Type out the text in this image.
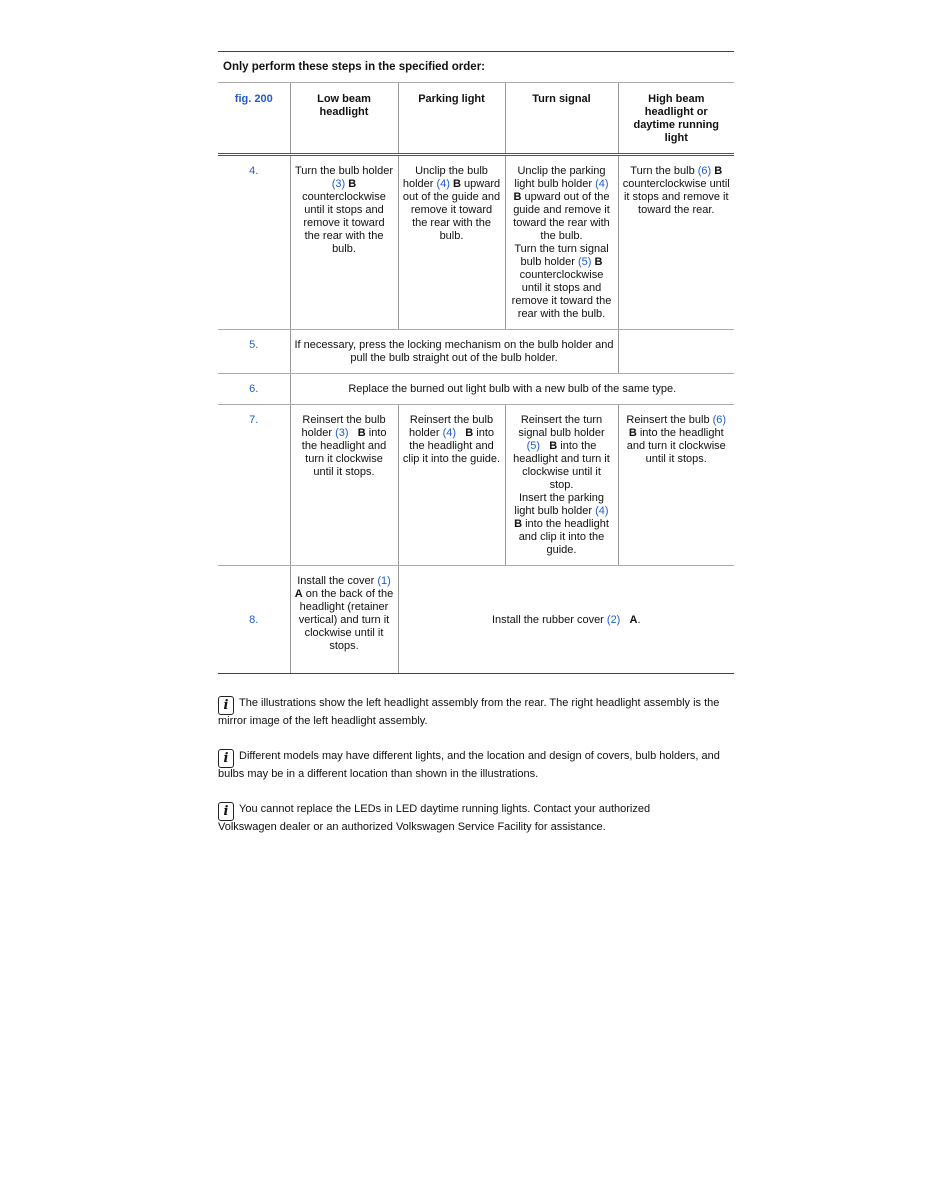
Only perform these steps in the specified order:
fig. 200	Low beam headlight	Parking light	Turn signal	High beam headlight or daytime running light
4.	Turn the bulb holder (3) B counterclockwise until it stops and remove it toward the rear with the bulb.	Unclip the bulb holder (4) B upward out of the guide and remove it toward the rear with the bulb.	Unclip the parking light bulb holder (4)
B upward out of the guide and remove it toward the rear with the bulb.
Turn the turn signal bulb holder (5) B counterclockwise until it stops and remove it toward the rear with the bulb.	Turn the bulb (6) B counterclockwise until it stops and remove it toward the rear.
5.	If necessary, press the locking mechanism on the bulb holder and pull the bulb straight out of the bulb holder.			
6.	Replace the burned out light bulb with a new bulb of the same type.			
7.	Reinsert the bulb holder (3) B into the headlight and turn it clockwise until it stops.	Reinsert the bulb holder (4) B into the headlight and clip it into the guide.	Reinsert the turn signal bulb holder (5) B into the headlight and turn it clockwise until it stop.
Insert the parking light bulb holder (4)
B into the headlight and clip it into the guide.	Reinsert the bulb (6)
B into the headlight and turn it clockwise until it stops.
8.	Install the cover (1)
A on the back of the headlight (retainer vertical) and turn it clockwise until it stops.	Install the rubber cover (2) A.		
i The illustrations show the left headlight assembly from the rear. The right headlight assembly is the mirror image of the left headlight assembly.
i Different models may have different lights, and the location and design of covers, bulb holders, and bulbs may be in a different location than shown in the illustrations.
i You cannot replace the LEDs in LED daytime running lights. Contact your authorized Volkswagen dealer or an authorized Volkswagen Service Facility for assistance.
